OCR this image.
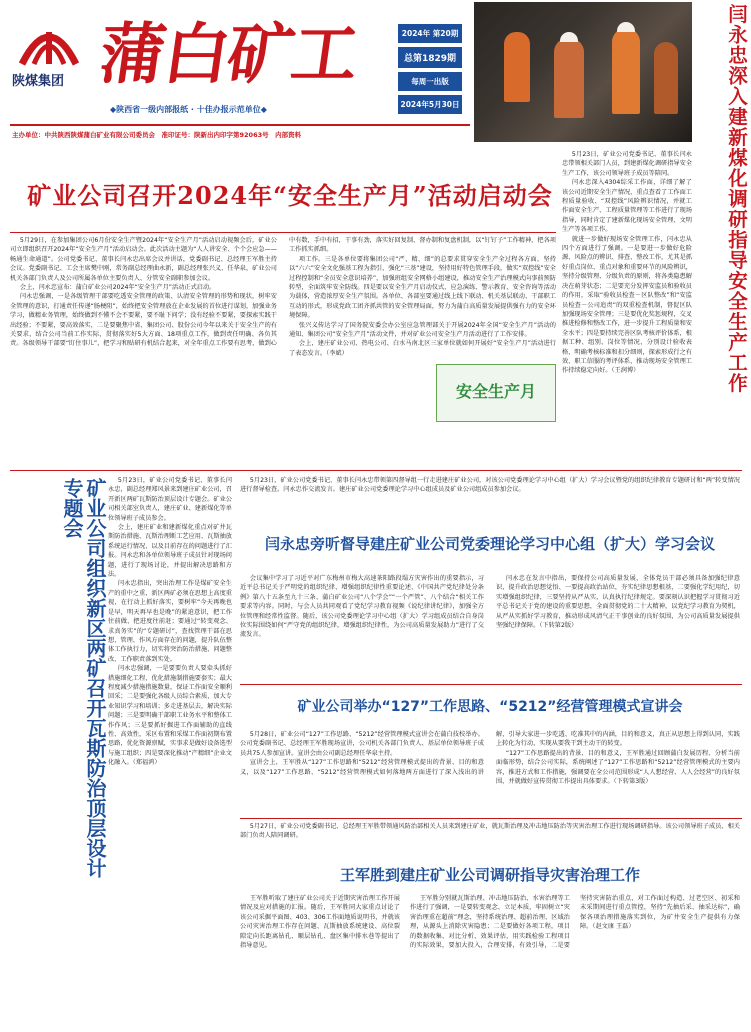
陕煤集团 蒲白矿工	2024年 第20期
总第1829期
每周一出版
2024年5月30日
◆陕西省一级内部报纸 · 十佳办报示范单位◆
主办单位：中共陕西陕煤蒲白矿业有限公司委员会　准印证号：陕新出内印字第92063号　内部资料	闫永忠深入建新煤化调研指导安全生产工作

5月23日，矿业公司党委书记、董事长闫永忠带领相关部门人员，到建新煤化调研指导安全生产工作，该公司领导班子成员等陪同。

闫永忠深入4304综采工作面，详细了解了该公司近期安全生产情况，重点查看了工作面工程质量验收、“双控线”风险辨识情况，并就工作面安全生产、工程质量管理等工作进行了现场指导，同时肯定了建新煤化现场安全管理、文明生产等各项工作。

就进一步做好现场安全管理工作，闫永忠从四个方面进行了强调。一是要进一步做好危险源、风险点的辨识、排查、整改工作，尤其是抓好重点岗位、重点对象和重要环节的风险辨识，坚持分级管理、分级负责的原则，将各类隐患解决在萌芽状态；二是要充分发挥安监员和验收员的作用，采取“验收员检查－区队整改”和“安监员检查－公司追责”的双重检查机制，督促区队加强现场安全管理；三是要优化奖惩规程，交叉推进检修和整改工作，进一步提升工程质量和安全水平；四是要持续完善区队考核评价体系，根据工种、组别、岗位等情况，分别设计验收表格，明确考核标准和扣分细则，探索形成行之有效、职工信服的考评体系，推动现场安全管理工作持续稳定向好。（王润博）

矿业公司召开2024年“安全生产月”活动启动会

5月29日，在参加集团公司6月份安全生产暨2024年“安全生产月”活动启动视频会后，矿业公司立即组织召开2024年“安全生产月”活动启动会。此次活动主题为“人人讲安全、个个会应急——畅通生命通道”。公司党委书记、董事长闫永忠出席会议并讲话，党委副书记、总经理王军胜主持会议。党委副书记、工会主席樊中刚，常务副总经理曲永新，副总经理张兴义、任华泉，矿业公司机关各部门负责人及公司所属各单位主要负责人、分管安全副职参加会议。

会上，闫永忠宣布：蒲白矿业公司2024年“安全生产月”活动正式启动。

闫永忠强调，一是各级管理干部要吃透安全管理的政策、认清安全管理的形势和现状，树牢安全管理的意识，打通责任传递“肠梗阻”，始终把安全管理放在企业发展的首位进行谋划，加强业务学习，做精业务管理，始终做到不懂不会不要紧，要不耻下问学；没有经验不要紧，要探索实践干出经验；不要紧，要高效落实，二是要聚焦中省、集团公司、股份公司今年以来关于安全生产的有关要求，结合公司当前工作实际，贯彻落实好5大方面、18项重点工作，做到责任明确、各负其责。各级领导干部要“盯住事儿”，把学习和贴研有机结合起来，对全年重点工作要有思考，做到心中有数，手中有招，干事有劲，落实好回复制、督办制和复盘机制，以“钉钉子”工作精神，把各项工作抓实抓细。

项工作。三是各单位要将集团公司“严、精、细”的总要求贯穿安全生产全过程各方面，坚持以“六六”安全文化强基工程为指引，强化“三基”建设，坚持用好特色管理手段，做实“双控线”安全过程控制和“全员安全意识培养”，加强班组安全网格小组建设，推动安全生产治理模式向事前预防转型，全面筑牢安全防线。四是要以安全生产月启动仪式、应急演练、警示教育、安全咨询等活动为载体，营造浓厚安全生产氛围。各单位、各部室要通过线上线下联动、机关基层联动、干部职工互动的形式，形成党政工团齐抓共管的安全管理局面，努力为蒲白高质量发展提供强有力的安全环境保障。

张兴义传达学习了国务院安委会办公室应急管理部关于开展2024年全国“安全生产月”活动的通知、集团公司“安全生产月”活动文件，并对矿业公司安全生产月活动进行了工作安排。

会上，建庄矿业公司、热电公司、白水马南北区三家单位就如何开展好“安全生产月”活动进行了表态发言。（李斌）

安全生产月
矿业公司组织新区两矿召开瓦斯防治顶层设计专题会	5月23日，矿业公司党委书记、董事长闫永忠，副总经理郑风景来到建庄矿业公司，召开新区两矿瓦斯防治顶层设计专题会。矿业公司相关部室负责人，建庄矿业、建新煤化等单位领导班子成员参会。

会上，建庄矿业和建新煤化重点对矿井瓦斯防治措施、瓦斯治理断工艺应用、瓦斯抽放系统运行情况、以及目前存在的问题进行了汇报。闫永忠和各单位领导班子成员针对现场问题，进行了现场讨论，并提出解决思路和方法。

闫永忠指出，突出治理工作是煤矿安全生产的重中之重，新区两矿必须在思想上高度重视，在行动上抓好落实，要树牢“今天再晚也是早，明天再早也是晚”的紧迫意识，把工作往前做、把进度往前赶；要通过“转变观念、求真务实”的“专题研讨”，查找管理干部在思想、管理、作风方面存在的问题，提升队伍整体工作执行力，切实将突治防治措施、问题整改、工作职责落到实处。

闫永忠强调，一是要要负责人要牵头抓好措施细化工程，优化措施制措施要套实；最大程度减少措施措施数量，保证工作面安全顺利回采；二是要强化各级人员综合素质，加大专业知识学习和培训；多走进基层去，解决实际问题；三是要明确干部职工业务水平和整体工作作风；三是要抓好掘进工作面辅助的直线性、高效性，采区布置和采煤工作面初期布置思路，优化资源禀赋，实事求是做好设备选型与施工组织；四是要深化推动“产精细”企业文化融入。（郑福鸿）

5月23日，矿业公司党委书记、董事长闫永忠带领第四督导组一行走进建庄矿业公司，对该公司党委理论学习中心组（扩大）学习会议暨党的组织纪律教育专题研讨和“两”转变情况进行督导检查。闫永忠作交流发言。建庄矿业公司党委理论学习中心组成员及矿业公司组成员参加会议。
闫永忠旁听督导建庄矿业公司党委理论学习中心组（扩大）学习会议

会议集中学习了习近平对广东梅州市梅大高速茶阳路段塌方灾害作出的重要指示，习近平总书记关于严明党的组织纪律、增强组织纪律性重要论述、《中国共产党纪律处分条例》第八十五条至九十三条、蒲白矿业公司“八个学会”“一个严管”、八个结合“相关工作要求等内容。同时，与会人员共同观看了党纪学习教育视频《说纪律讲纪律》，加强全方位管理和经常性监督。随后，该公司党委理论学习中心组（扩大）学习组成员结合自身岗位实际围绕如何“严守党的组织纪律，增强组织纪律性，为公司高质量发展助力”进行了交流发言。

闫永忠在发言中指出，要保持公司高质量发展，全体党员干部必须具备加强纪律意识，提升政治思想觉悟、一要提高政治站位，夯实纪律思想根基，二要强化学纪用纪，切实增强组织纪律，三要坚持从严从实，认真执行纪律规定。要深刻认识把握学习贯彻习近平总书记关于党的建设的重要思想，全面贯彻党的二十大精神，以党纪学习教育为契机，从严从实抓好学习教育，推动形成风清气正干事创业的良好氛围，为公司高质量发展提供坚强纪律保障。（下转第2版）

矿业公司举办“127”工作思路、“5212”经营管理模式宣讲会

5月28日，矿业公司“127”工作思路、“5212”经营管理模式宣讲会在蒲白技校举办。公司党委副书记、总经理王军胜现场宣讲，公司机关各部门负责人、基层单位领导班子成员共75人参加宣讲。宣讲会由公司副总经理任华泉主持。

宣讲会上，王军胜从“127”工作思路和“5212”经营管理模式提出的背景、目的和意义，以及“127”工作思路、“5212”经营管理模式如何落地两方面进行了深入浅出的讲解，引导大家进一步吃透、吃准其中的内涵，目的和意义，真正从思想上得到认同，实践上转化为行动，实现从要我干到主动干的转变。

“127”工作思路提出的背景、目的和意义，王军胜通过回顾蒲白发展历程、分析当前面临形势，结合公司实际，系统阐述了“127”工作思路和“5212”经营管理模式的主要内容，推进方式和工作措施，强调要在全公司范围形成“人人想经营、人人会经营”的良好氛围，并就做好宣传贯彻工作提出具体要求。（下转第3版）

王军胜到建庄矿业公司调研指导灾害治理工作
5月27日，矿业公司党委副书记、总经理王军胜带领通风防治部相关人员来到建庄矿业，就瓦斯治理及冲击地压防治等灾害治理工作进行现场调研指导。该公司领导班子成员、相关部门负责人陪同调研。

王军胜听取了建庄矿业公司关于近期灾害治理工作开展情况及应对措施的汇报。随后，王军胜同大家重点讨论了该公司采掘平面图、403、306工作面地质说明书，并就该公司灾害治理工作存在问题、瓦斯抽放系统建设、高位裂隙定向长距离钻孔、顺层钻孔、盘区集中排水巷等提出了指导意见。

王军胜分别就瓦斯治理、冲击地压防治、水害治理等工作进行了强调，一是要转变观念、立足本质，牢固树立“灾害治理重在超前”理念，坚持系统治理、超前治理、区域治理，从源头上消除灾害隐患；二是要做好各项工程，项目的数据收集、对比分析、效果评估，用实践检验工程项目的实际效果，要加大投入，合理安排，有效引导，二是要坚持灾害防治重点，对工作面过构造、过老空区、初采和末采期间进行重点管控，坚持“先抽后采、抽采达标”，确保各项治理措施落实到位，为矿井安全生产提供有力保障。（赵文康 王磊）
